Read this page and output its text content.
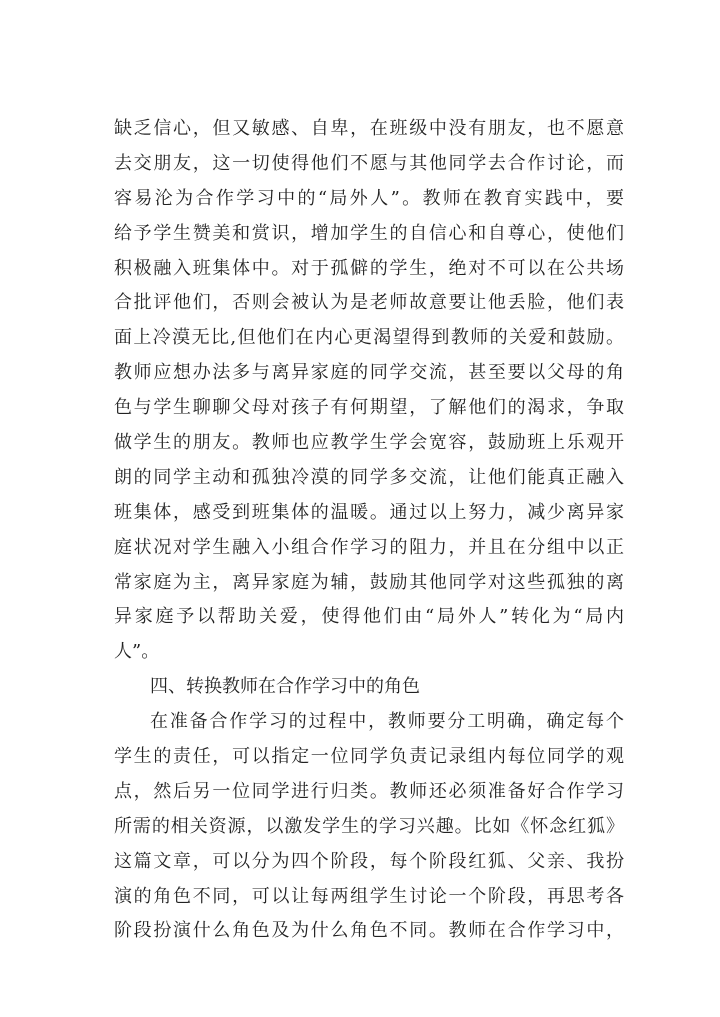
缺乏信心，但又敏感、自卑，在班级中没有朋友，也不愿意
去交朋友，这一切使得他们不愿与其他同学去合作讨论，而
容易沦为合作学习中的“局外人”。教师在教育实践中，要
给予学生赞美和赏识，增加学生的自信心和自尊心，使他们
积极融入班集体中。对于孤僻的学生，绝对不可以在公共场
合批评他们，否则会被认为是老师故意要让他丢脸，他们表
面上冷漠无比,但他们在内心更渴望得到教师的关爱和鼓励。
教师应想办法多与离异家庭的同学交流，甚至要以父母的角
色与学生聊聊父母对孩子有何期望，了解他们的渴求，争取
做学生的朋友。教师也应教学生学会宽容，鼓励班上乐观开
朗的同学主动和孤独冷漠的同学多交流，让他们能真正融入
班集体，感受到班集体的温暖。通过以上努力，减少离异家
庭状况对学生融入小组合作学习的阻力，并且在分组中以正
常家庭为主，离异家庭为辅，鼓励其他同学对这些孤独的离
异家庭予以帮助关爱，使得他们由“局外人”转化为“局内
人”。
四、转换教师在合作学习中的角色
在准备合作学习的过程中，教师要分工明确，确定每个
学生的责任，可以指定一位同学负责记录组内每位同学的观
点，然后另一位同学进行归类。教师还必须准备好合作学习
所需的相关资源，以激发学生的学习兴趣。比如《怀念红狐》
这篇文章，可以分为四个阶段，每个阶段红狐、父亲、我扮
演的角色不同，可以让每两组学生讨论一个阶段，再思考各
阶段扮演什么角色及为什么角色不同。教师在合作学习中，
